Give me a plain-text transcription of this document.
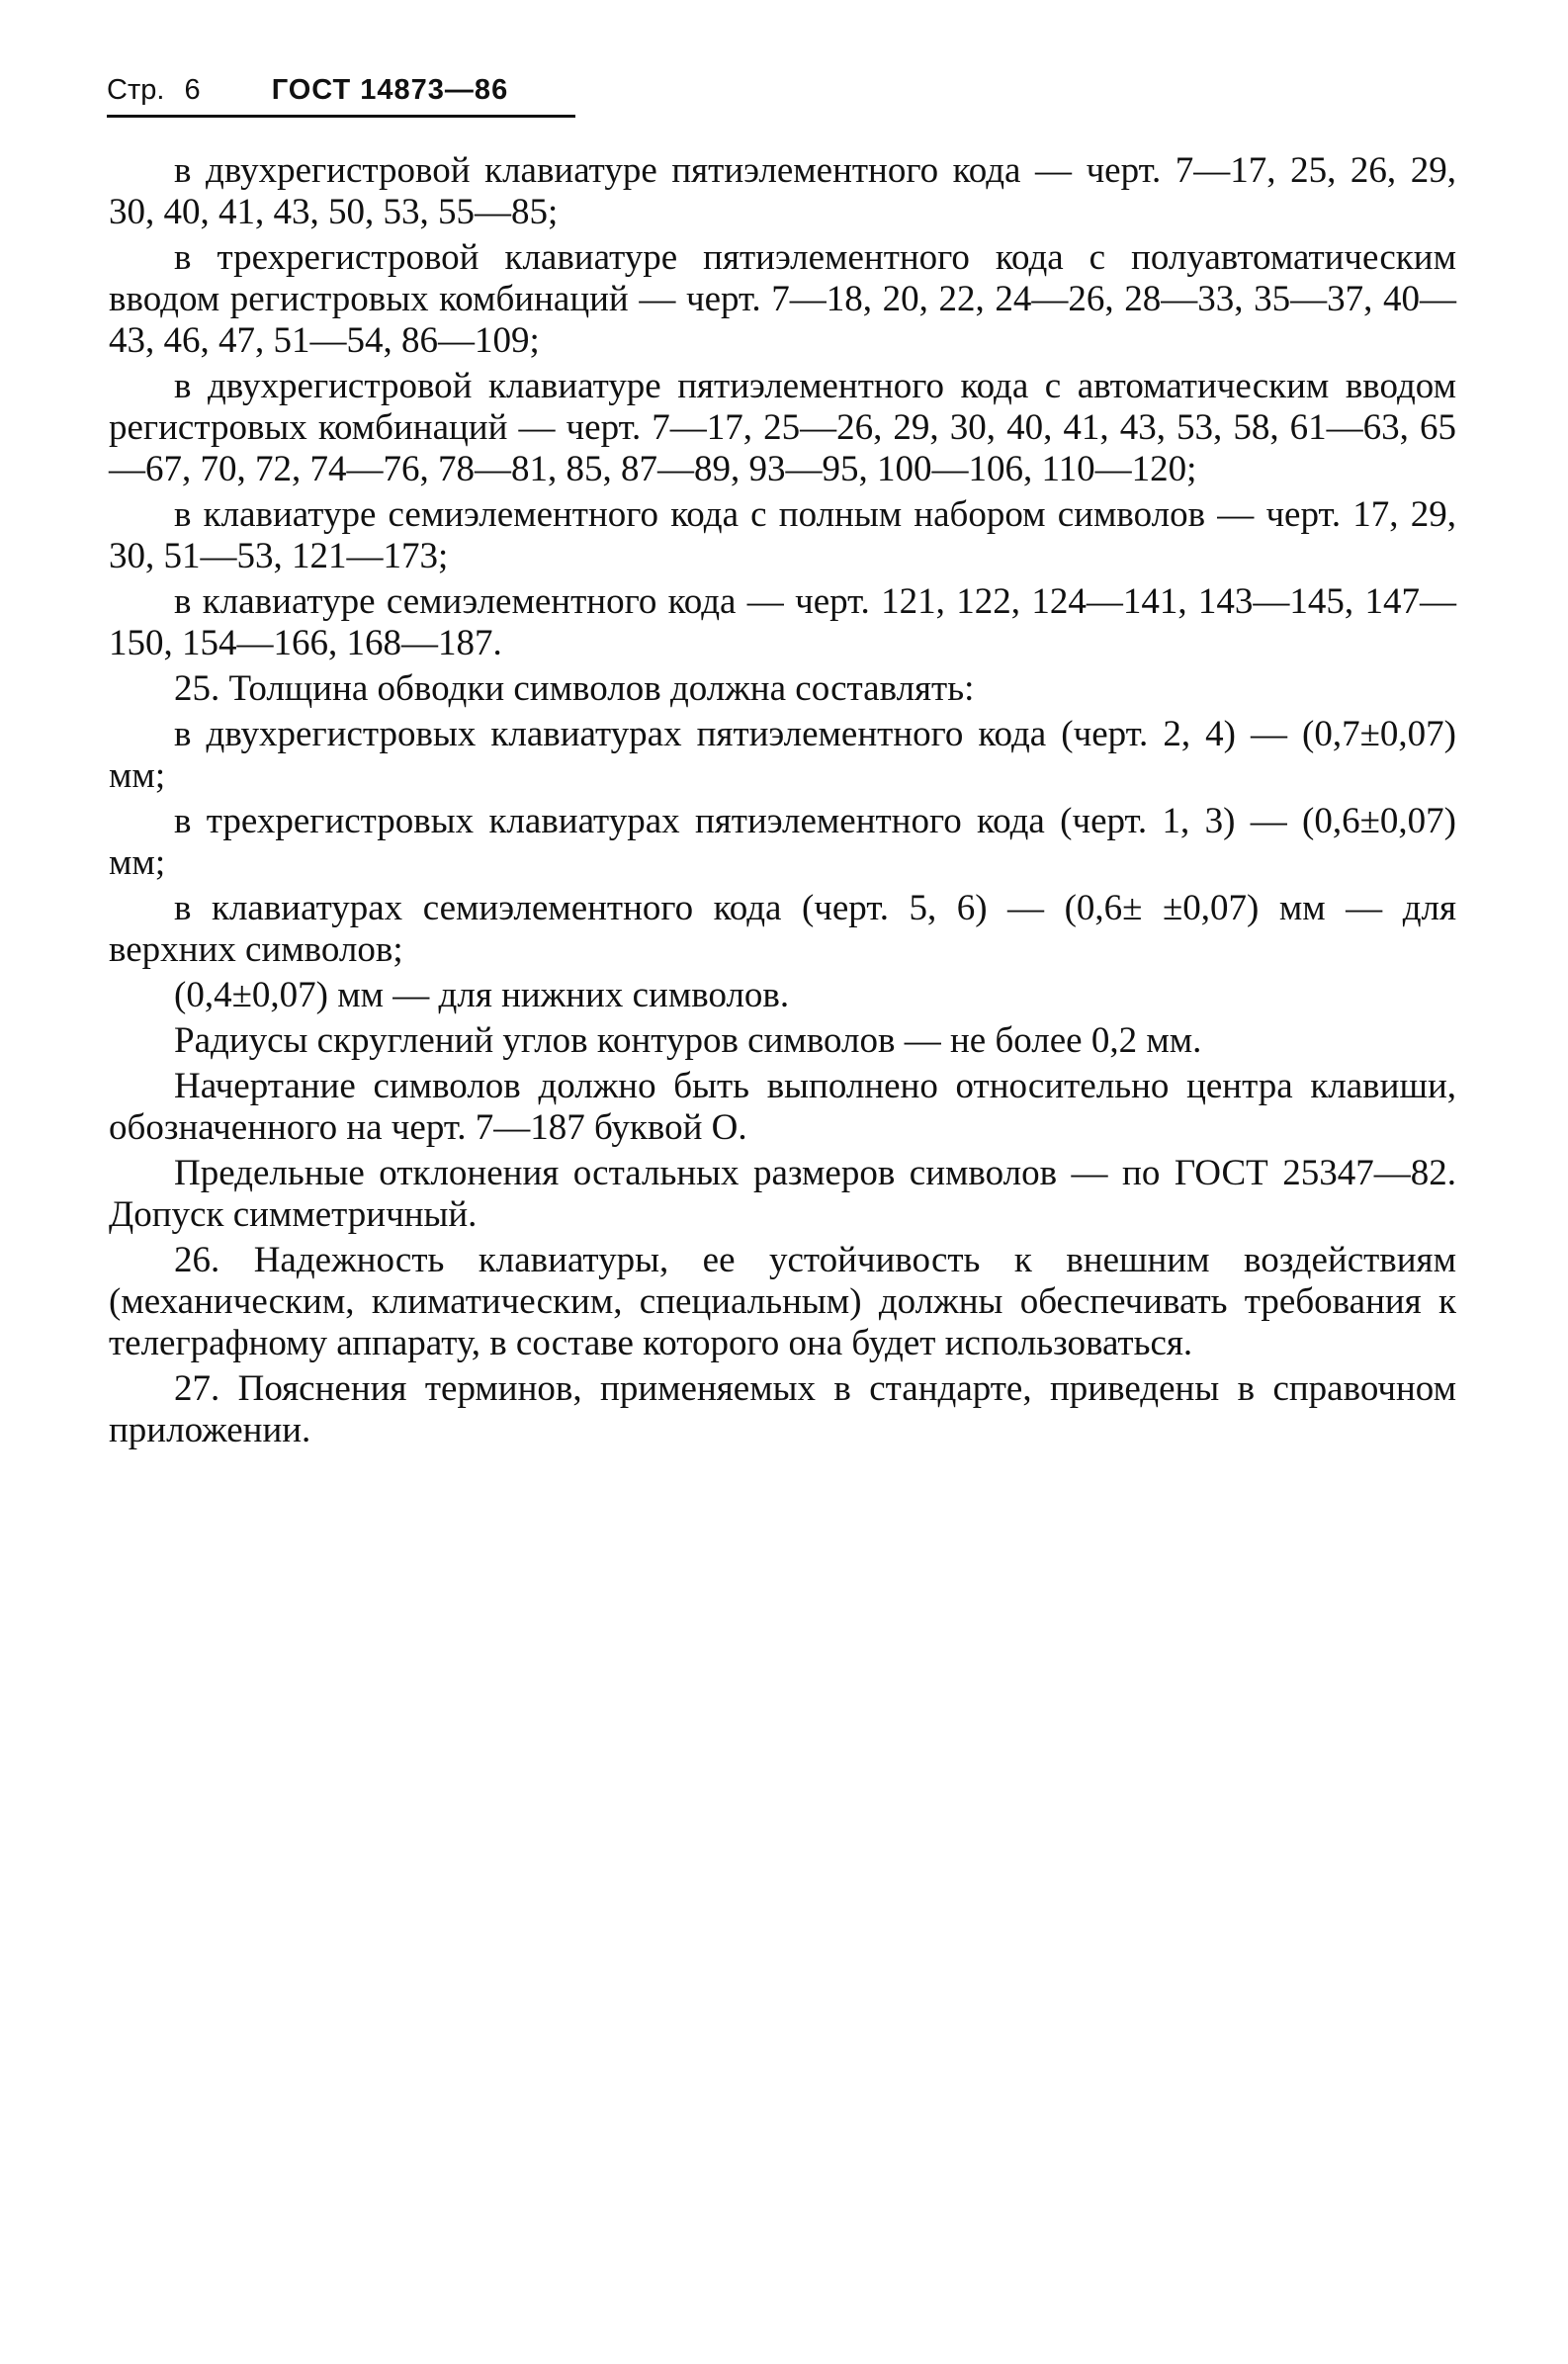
Стр. 6 ГОСТ 14873—86

в двухрегистровой клавиатуре пятиэлементного кода — черт. 7—17, 25, 26, 29, 30, 40, 41, 43, 50, 53, 55—85;

в трехрегистровой клавиатуре пятиэлементного кода с полуавтоматическим вводом регистровых комбинаций — черт. 7—18, 20, 22, 24—26, 28—33, 35—37, 40—43, 46, 47, 51—54, 86—109;

в двухрегистровой клавиатуре пятиэлементного кода с автоматическим вводом регистровых комбинаций — черт. 7—17, 25—26, 29, 30, 40, 41, 43, 53, 58, 61—63, 65—67, 70, 72, 74—76, 78—81, 85, 87—89, 93—95, 100—106, 110—120;

в клавиатуре семиэлементного кода с полным набором символов — черт. 17, 29, 30, 51—53, 121—173;

в клавиатуре семиэлементного кода — черт. 121, 122, 124—141, 143—145, 147—150, 154—166, 168—187.

25. Толщина обводки символов должна составлять:

в двухрегистровых клавиатурах пятиэлементного кода (черт. 2, 4) — (0,7±0,07) мм;

в трехрегистровых клавиатурах пятиэлементного кода (черт. 1, 3) — (0,6±0,07) мм;

в клавиатурах семиэлементного кода (черт. 5, 6) — (0,6± ±0,07) мм — для верхних символов;

(0,4±0,07) мм — для нижних символов.

Радиусы скруглений углов контуров символов — не более 0,2 мм.

Начертание символов должно быть выполнено относительно центра клавиши, обозначенного на черт. 7—187 буквой О.

Предельные отклонения остальных размеров символов — по ГОСТ 25347—82. Допуск симметричный.

26. Надежность клавиатуры, ее устойчивость к внешним воздействиям (механическим, климатическим, специальным) должны обеспечивать требования к телеграфному аппарату, в составе которого она будет использоваться.

27. Пояснения терминов, применяемых в стандарте, приведены в справочном приложении.
